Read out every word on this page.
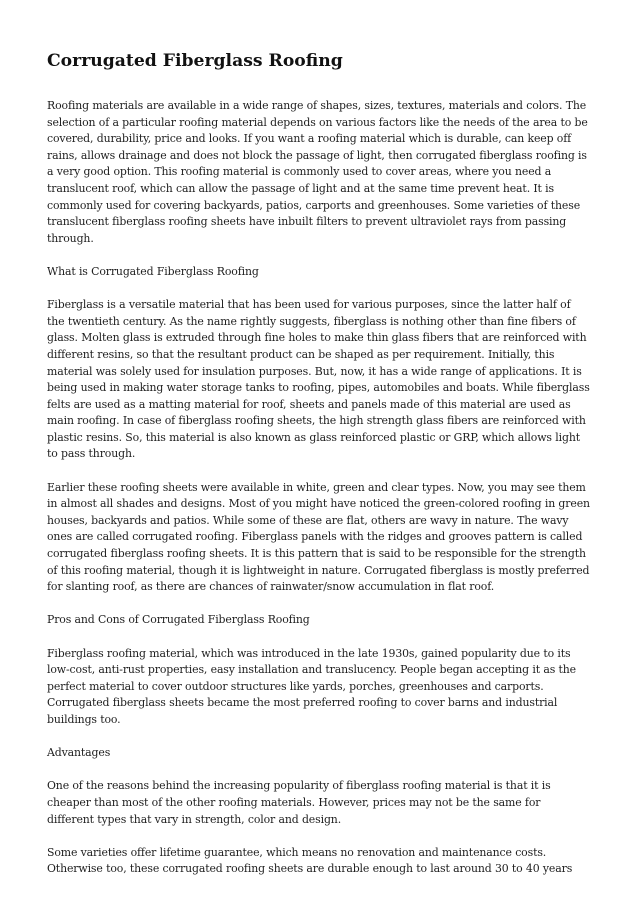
Corrugated Fiberglass Roofing

Roofing materials are available in a wide range of shapes, sizes, textures, materials and colors. The selection of a particular roofing material depends on various factors like the needs of the area to be covered, durability, price and looks. If you want a roofing material which is durable, can keep off rains, allows drainage and does not block the passage of light, then corrugated fiberglass roofing is a very good option. This roofing material is commonly used to cover areas, where you need a translucent roof, which can allow the passage of light and at the same time prevent heat. It is commonly used for covering backyards, patios, carports and greenhouses. Some varieties of these translucent fiberglass roofing sheets have inbuilt filters to prevent ultraviolet rays from passing through.

What is Corrugated Fiberglass Roofing

Fiberglass is a versatile material that has been used for various purposes, since the latter half of the twentieth century. As the name rightly suggests, fiberglass is nothing other than fine fibers of glass. Molten glass is extruded through fine holes to make thin glass fibers that are reinforced with different resins, so that the resultant product can be shaped as per requirement. Initially, this material was solely used for insulation purposes. But, now, it has a wide range of applications. It is being used in making water storage tanks to roofing, pipes, automobiles and boats. While fiberglass felts are used as a matting material for roof, sheets and panels made of this material are used as main roofing. In case of fiberglass roofing sheets, the high strength glass fibers are reinforced with plastic resins. So, this material is also known as glass reinforced plastic or GRP, which allows light to pass through.

Earlier these roofing sheets were available in white, green and clear types. Now, you may see them in almost all shades and designs. Most of you might have noticed the green-colored roofing in green houses, backyards and patios. While some of these are flat, others are wavy in nature. The wavy ones are called corrugated roofing. Fiberglass panels with the ridges and grooves pattern is called corrugated fiberglass roofing sheets. It is this pattern that is said to be responsible for the strength of this roofing material, though it is lightweight in nature. Corrugated fiberglass is mostly preferred for slanting roof, as there are chances of rainwater/snow accumulation in flat roof.

Pros and Cons of Corrugated Fiberglass Roofing

Fiberglass roofing material, which was introduced in the late 1930s, gained popularity due to its low-cost, anti-rust properties, easy installation and translucency. People began accepting it as the perfect material to cover outdoor structures like yards, porches, greenhouses and carports. Corrugated fiberglass sheets became the most preferred roofing to cover barns and industrial buildings too.

Advantages

One of the reasons behind the increasing popularity of fiberglass roofing material is that it is cheaper than most of the other roofing materials. However, prices may not be the same for different types that vary in strength, color and design.

Some varieties offer lifetime guarantee, which means no renovation and maintenance costs. Otherwise too, these corrugated roofing sheets are durable enough to last around 30 to 40 years
